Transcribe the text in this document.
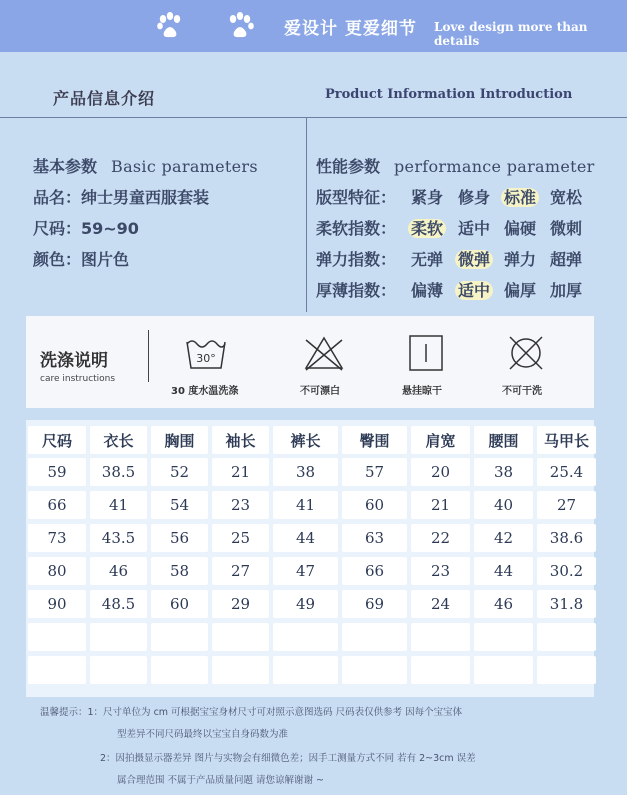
爱设计 更爱细节 Love design more than details
产品信息介绍	Product Information Introduction
基本参数 Basic parameters
品名：绅士男童西服套装
尺码：59~90
颜色：图片色
性能参数 performance parameter
版型特征： 紧身 修身 标准 宽松
柔软指数： 柔软 适中 偏硬 微刺
弹力指数： 无弹 微弹 弹力 超弹
厚薄指数： 偏薄 适中 偏厚 加厚
洗涤说明
care instructions
30°
30 度水温洗涤	不可漂白	悬挂晾干	不可干洗
尺码	衣长	胸围	袖长	裤长	臀围	肩宽	腰围	马甲长
59	38.5	52	21	38	57	20	38	25.4
66	41	54	23	41	60	21	40	27
73	43.5	56	25	44	63	22	42	38.6
80	46	58	27	47	66	23	44	30.2
90	48.5	60	29	49	69	24	46	31.8
温馨提示：1：尺寸单位为 cm 可根据宝宝身材尺寸可对照示意图选码 尺码表仅供参考 因每个宝宝体
型差异不同尺码最终以宝宝自身码数为准
2：因拍摄显示器差异 图片与实物会有细微色差；因手工测量方式不同 若有 2~3cm 误差
属合理范围 不属于产品质量问题 请您谅解谢谢 ~
